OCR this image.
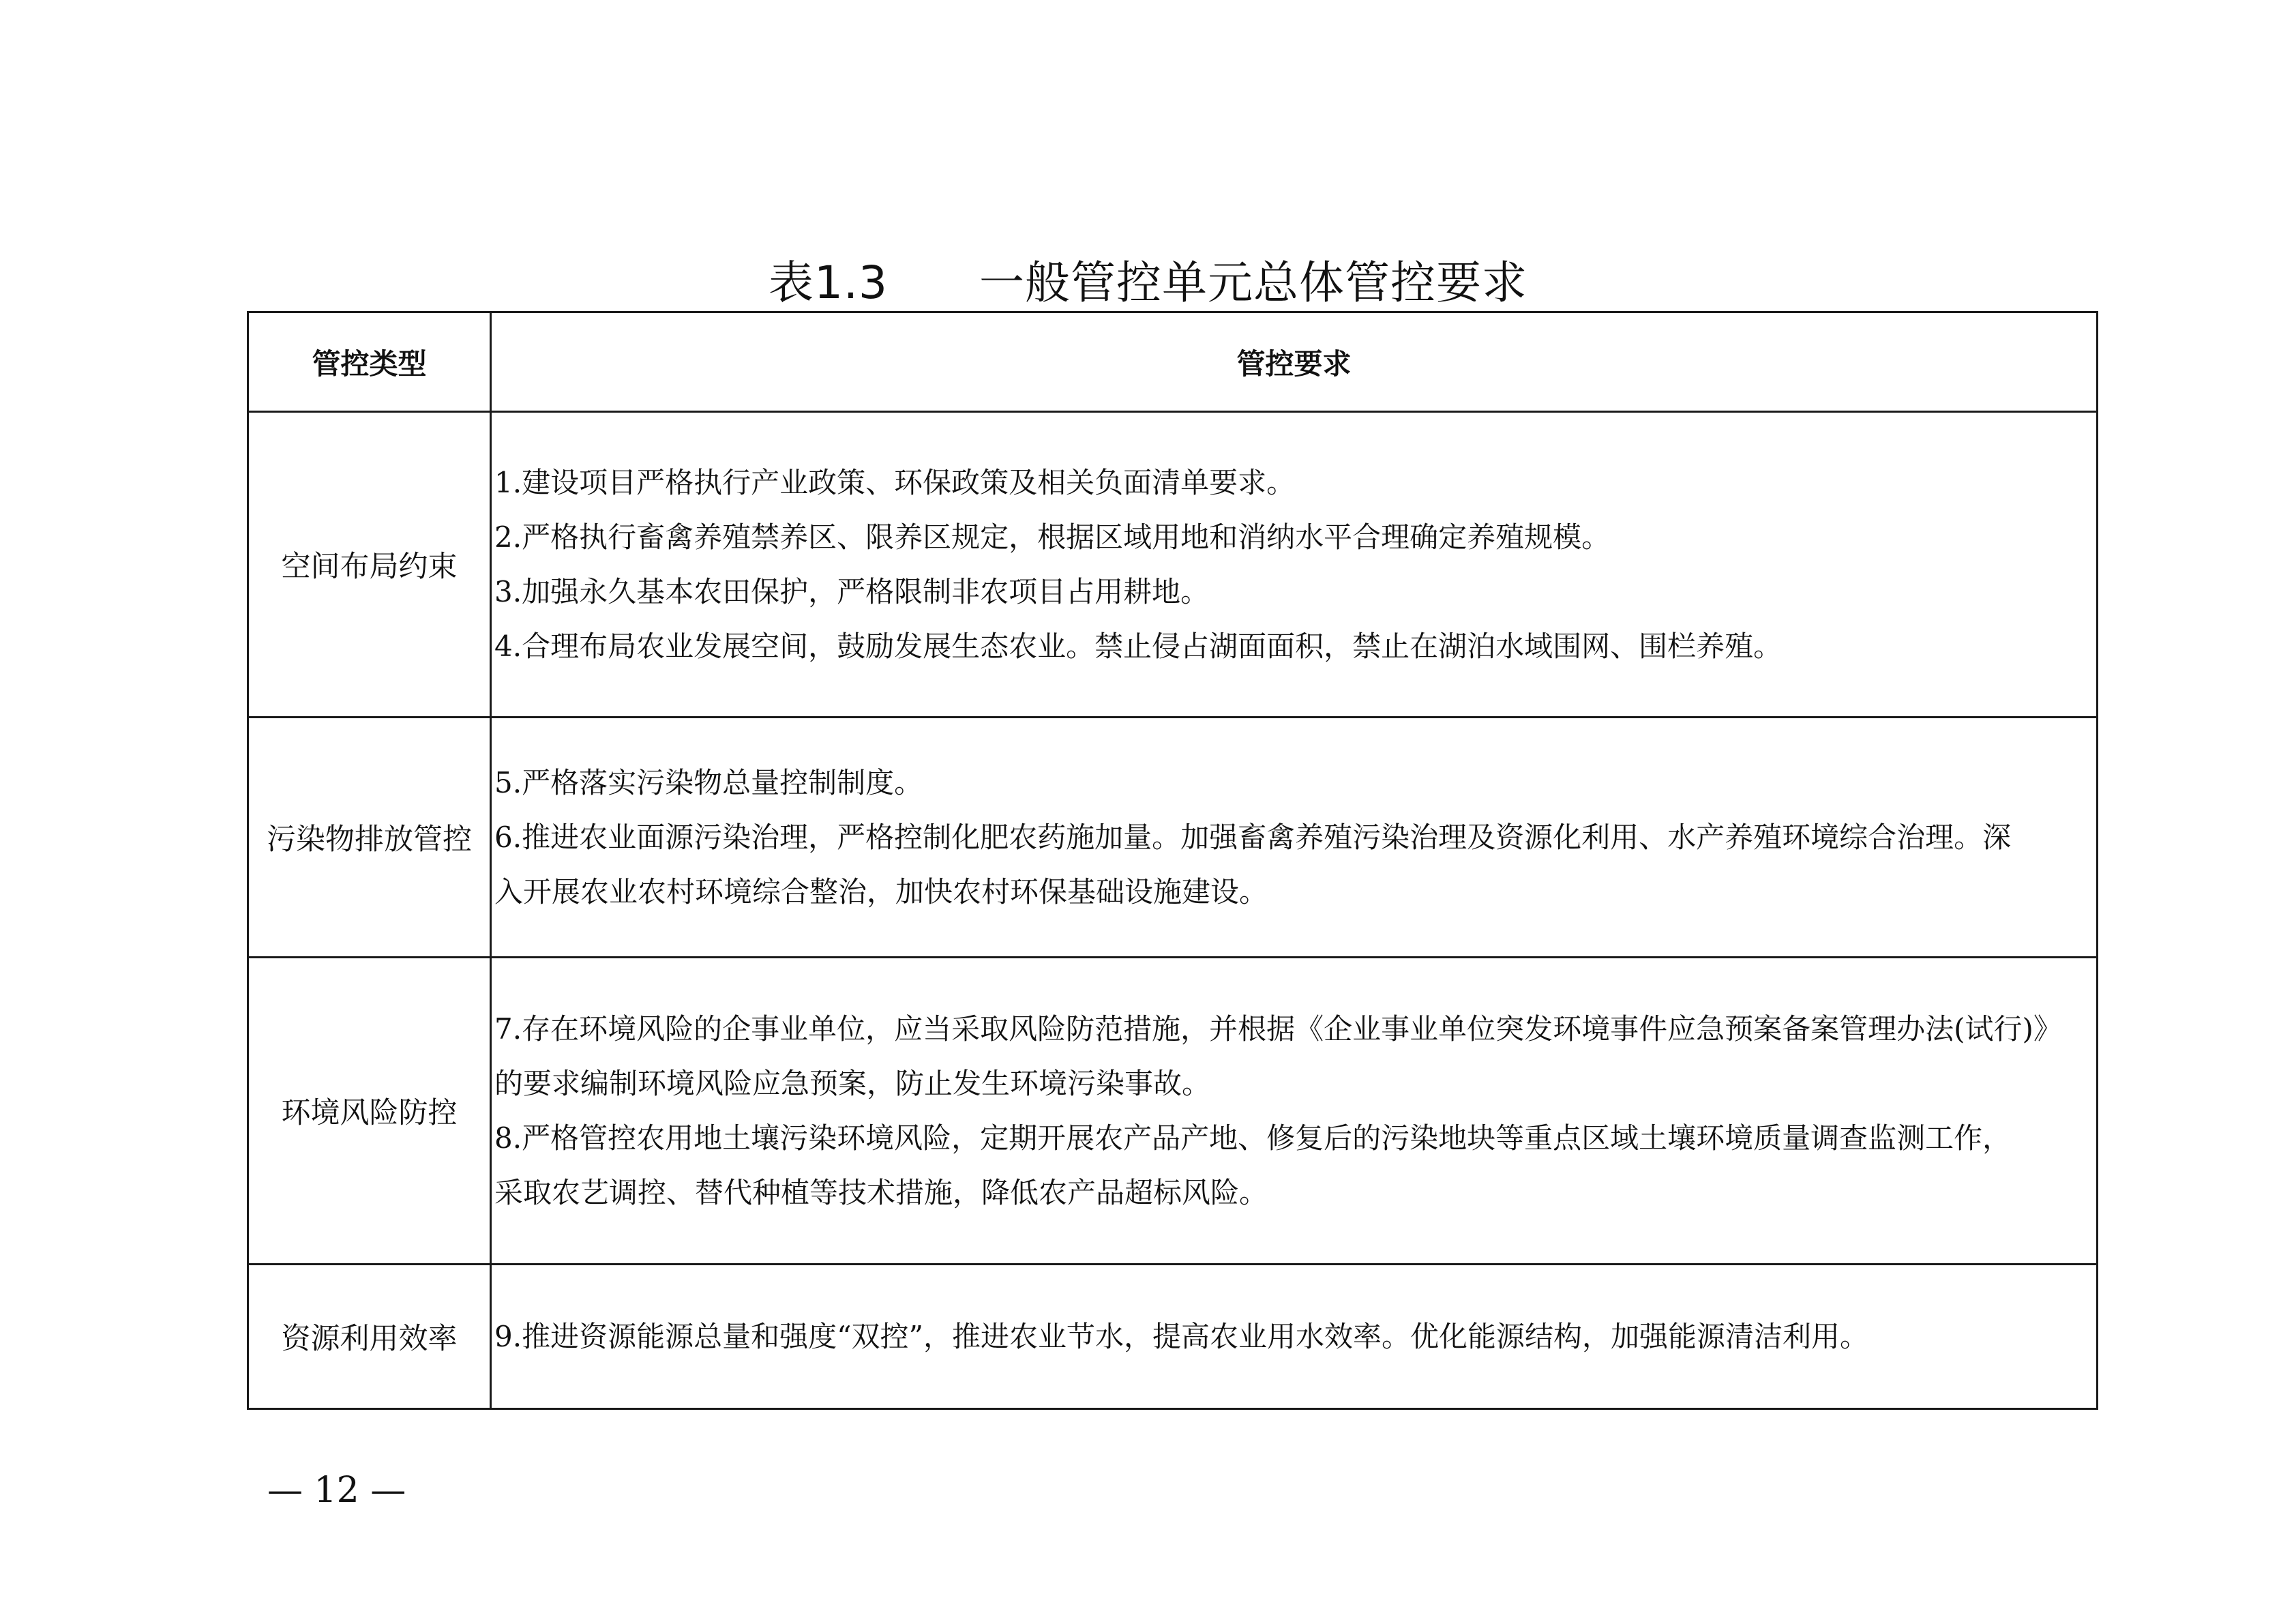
表1.3　　一般管控单元总体管控要求
管控类型	管控要求
空间布局约束	1.建设项目严格执行产业政策、环保政策及相关负面清单要求。
2.严格执行畜禽养殖禁养区、限养区规定，根据区域用地和消纳水平合理确定养殖规模。
3.加强永久基本农田保护，严格限制非农项目占用耕地。
4.合理布局农业发展空间，鼓励发展生态农业。禁止侵占湖面面积，禁止在湖泊水域围网、围栏养殖。

污染物排放管控	5.严格落实污染物总量控制制度。
6.推进农业面源污染治理，严格控制化肥农药施加量。加强畜禽养殖污染治理及资源化利用、水产养殖环境综合治理。深
入开展农业农村环境综合整治，加快农村环保基础设施建设。

环境风险防控	7.存在环境风险的企事业单位，应当采取风险防范措施，并根据《企业事业单位突发环境事件应急预案备案管理办法(试行)》
的要求编制环境风险应急预案，防止发生环境污染事故。
8.严格管控农用地土壤污染环境风险，定期开展农产品产地、修复后的污染地块等重点区域土壤环境质量调查监测工作，
采取农艺调控、替代种植等技术措施，降低农产品超标风险。

资源利用效率	9.推进资源能源总量和强度“双控”，推进农业节水，提高农业用水效率。优化能源结构，加强能源清洁利用。
— 12 —
